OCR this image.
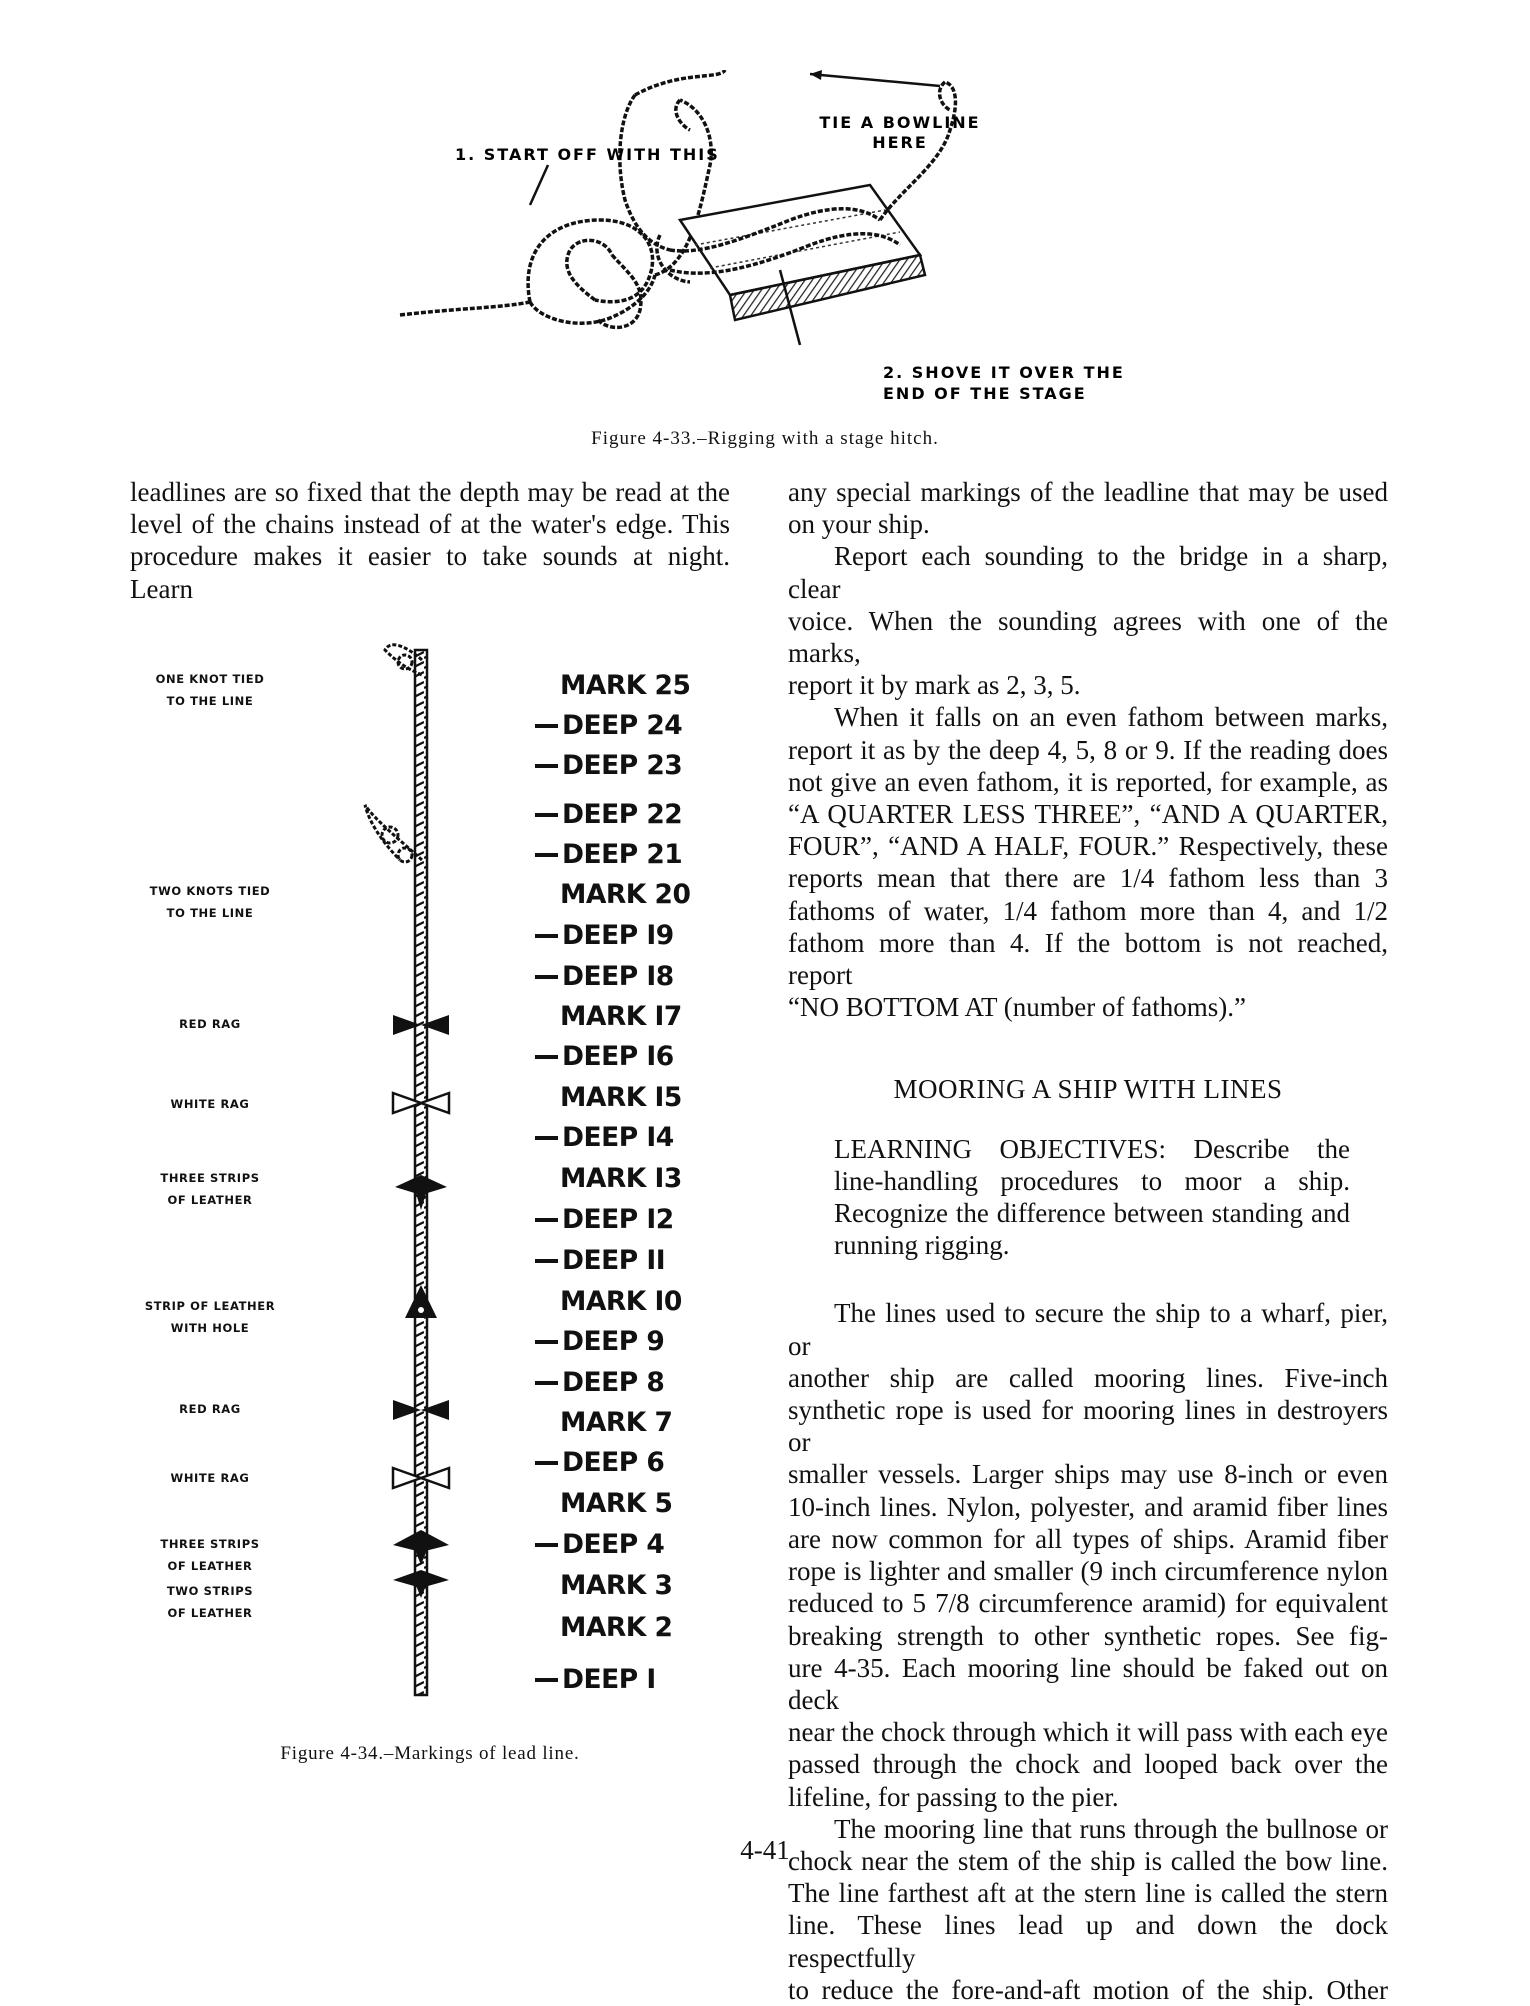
1. START OFF WITH THIS
TIE A BOWLINE
HERE
2. SHOVE IT OVER THE
END OF THE STAGE
Figure 4-33.–Rigging with a stage hitch.

leadlines are so fixed that the depth may be read at the

level of the chains instead of at the water's edge. This

procedure makes it easier to take sounds at night. Learn

ONE KNOT TIED
TO THE LINE
TWO KNOTS TIED
TO THE LINE
RED RAG
WHITE RAG
THREE STRIPS
OF LEATHER
STRIP OF LEATHER
WITH HOLE
RED RAG
WHITE RAG
THREE STRIPS
OF LEATHER
TWO STRIPS
OF LEATHER
MARK 25
DEEP 24
DEEP 23
DEEP 22
DEEP 21
MARK 20
DEEP I9
DEEP I8
MARK I7
DEEP I6
MARK I5
DEEP I4
MARK I3
DEEP I2
DEEP II
MARK I0
DEEP 9
DEEP 8
MARK 7
DEEP 6
MARK 5
DEEP 4
MARK 3
MARK 2
DEEP I
Figure 4-34.–Markings of lead line.

any special markings of the leadline that may be used

on your ship.

Report each sounding to the bridge in a sharp, clear

voice. When the sounding agrees with one of the marks,

report it by mark as 2, 3, 5.

When it falls on an even fathom between marks,

report it as by the deep 4, 5, 8 or 9. If the reading does

not give an even fathom, it is reported, for example, as

“A QUARTER LESS THREE”, “AND A QUARTER,

FOUR”, “AND A HALF, FOUR.” Respectively, these

reports mean that there are 1/4 fathom less than 3

fathoms of water, 1/4 fathom more than 4, and 1/2

fathom more than 4. If the bottom is not reached, report

“NO BOTTOM AT (number of fathoms).”

MOORING A SHIP WITH LINES

LEARNING OBJECTIVES: Describe the

line-handling procedures to moor a ship.

Recognize the difference between standing and

running rigging.

The lines used to secure the ship to a wharf, pier, or

another ship are called mooring lines. Five-inch

synthetic rope is used for mooring lines in destroyers or

smaller vessels. Larger ships may use 8-inch or even

10-inch lines. Nylon, polyester, and aramid fiber lines

are now common for all types of ships. Aramid fiber

rope is lighter and smaller (9 inch circumference nylon

reduced to 5 7/8 circumference aramid) for equivalent

breaking strength to other synthetic ropes. See fig-

ure 4-35. Each mooring line should be faked out on deck

near the chock through which it will pass with each eye

passed through the chock and looped back over the

lifeline, for passing to the pier.

The mooring line that runs through the bullnose or

chock near the stem of the ship is called the bow line.

The line farthest aft at the stern line is called the stern

line. These lines lead up and down the dock respectfully

to reduce the fore-and-aft motion of the ship. Other

4-41
